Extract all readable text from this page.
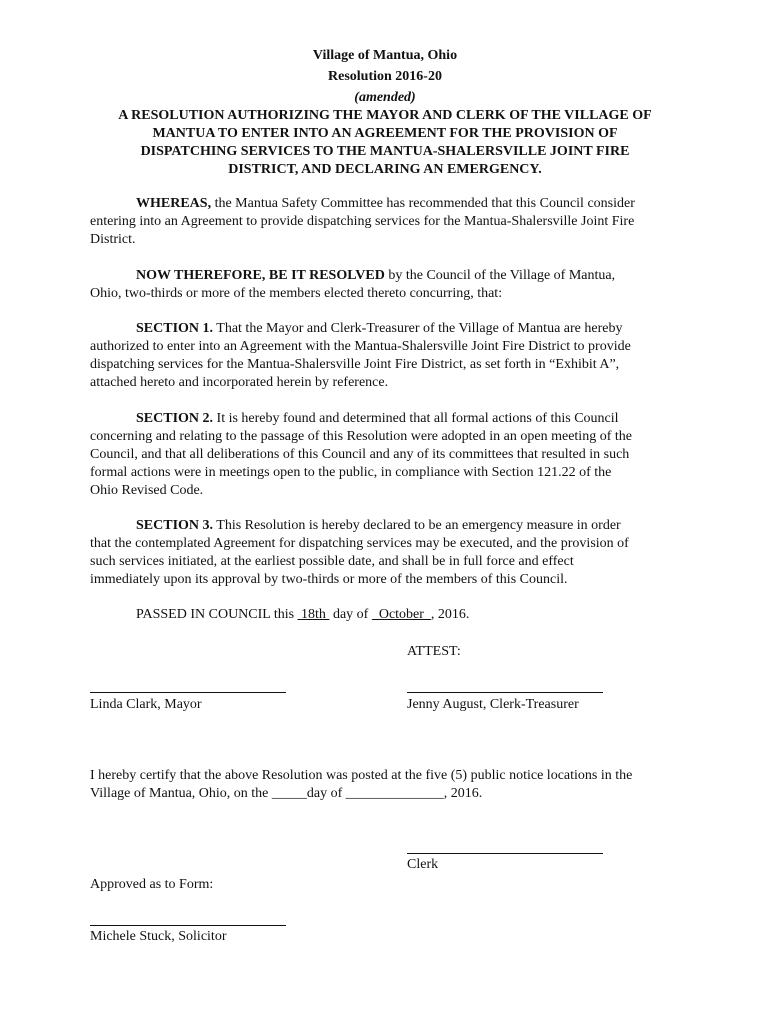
Village of Mantua, Ohio
Resolution 2016-20
(amended)
A RESOLUTION AUTHORIZING THE MAYOR AND CLERK OF THE VILLAGE OF
MANTUA TO ENTER INTO AN AGREEMENT FOR THE PROVISION OF
DISPATCHING SERVICES TO THE MANTUA-SHALERSVILLE JOINT FIRE
DISTRICT, AND DECLARING AN EMERGENCY.
WHEREAS, the Mantua Safety Committee has recommended that this Council consider
entering into an Agreement to provide dispatching services for the Mantua-Shalersville Joint Fire
District.
NOW THEREFORE, BE IT RESOLVED by the Council of the Village of Mantua,
Ohio, two-thirds or more of the members elected thereto concurring, that:
SECTION 1. That the Mayor and Clerk-Treasurer of the Village of Mantua are hereby
authorized to enter into an Agreement with the Mantua-Shalersville Joint Fire District to provide
dispatching services for the Mantua-Shalersville Joint Fire District, as set forth in “Exhibit A”,
attached hereto and incorporated herein by reference.
SECTION 2. It is hereby found and determined that all formal actions of this Council
concerning and relating to the passage of this Resolution were adopted in an open meeting of the
Council, and that all deliberations of this Council and any of its committees that resulted in such
formal actions were in meetings open to the public, in compliance with Section 121.22 of the
Ohio Revised Code.
SECTION 3. This Resolution is hereby declared to be an emergency measure in order
that the contemplated Agreement for dispatching services may be executed, and the provision of
such services initiated, at the earliest possible date, and shall be in full force and effect
immediately upon its approval by two-thirds or more of the members of this Council.
PASSED IN COUNCIL this  18th  day of   October  , 2016.
ATTEST:
Linda Clark, Mayor	Jenny August, Clerk-Treasurer
I hereby certify that the above Resolution was posted at the five (5) public notice locations in the
Village of Mantua, Ohio, on the _____day of ______________, 2016.
Clerk
Approved as to Form:
Michele Stuck, Solicitor
